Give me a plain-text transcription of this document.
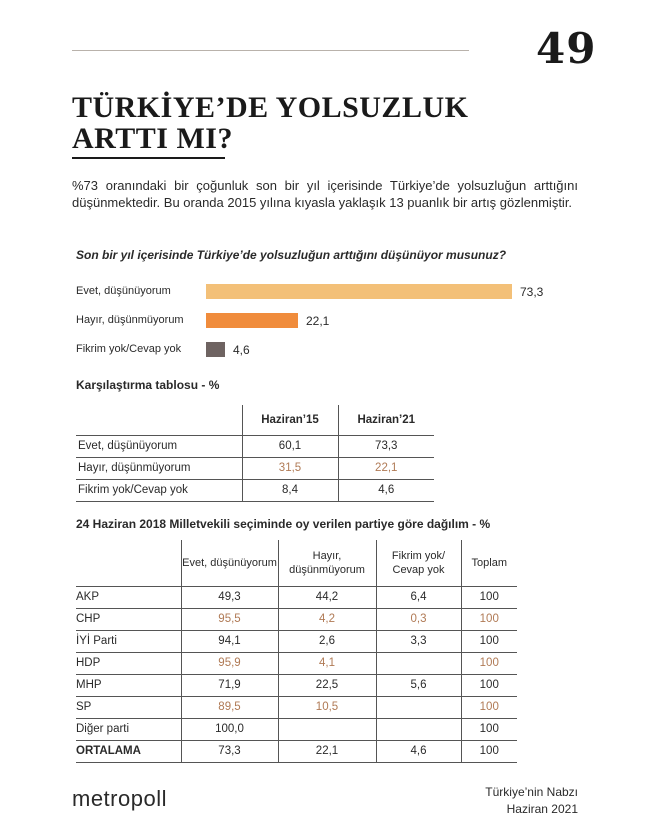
49
TÜRKİYE’DE YOLSUZLUK
ARTTI MI?

%73 oranındaki bir çoğunluk son bir yıl içerisinde Türkiye’de yolsuzluğun arttığını düşünmektedir. Bu oranda 2015 yılına kıyasla yaklaşık 13 puanlık bir artış gözlenmiştir.

Son bir yıl içerisinde Türkiye’de yolsuzluğun arttığını düşünüyor musunuz?
Evet, düşünüyorum	73,3
Hayır, düşünmüyorum	22,1
Fikrim yok/Cevap yok	4,6
Karşılaştırma tablosu - %
	Haziran’15	Haziran’21
Evet, düşünüyorum	60,1	73,3
Hayır, düşünmüyorum	31,5	22,1
Fikrim yok/Cevap yok	8,4	4,6
24 Haziran 2018 Milletvekili seçiminde oy verilen partiye göre dağılım - %
	Evet, düşünüyorum	Hayır, düşünmüyorum	Fikrim yok/ Cevap yok	Toplam
AKP	49,3	44,2	6,4	100
CHP	95,5	4,2	0,3	100
İYİ Parti	94,1	2,6	3,3	100
HDP	95,9	4,1		100
MHP	71,9	22,5	5,6	100
SP	89,5	10,5		100
Diğer parti	100,0			100
ORTALAMA	73,3	22,1	4,6	100
metropoll	Türkiye’nin Nabzı
Haziran 2021
